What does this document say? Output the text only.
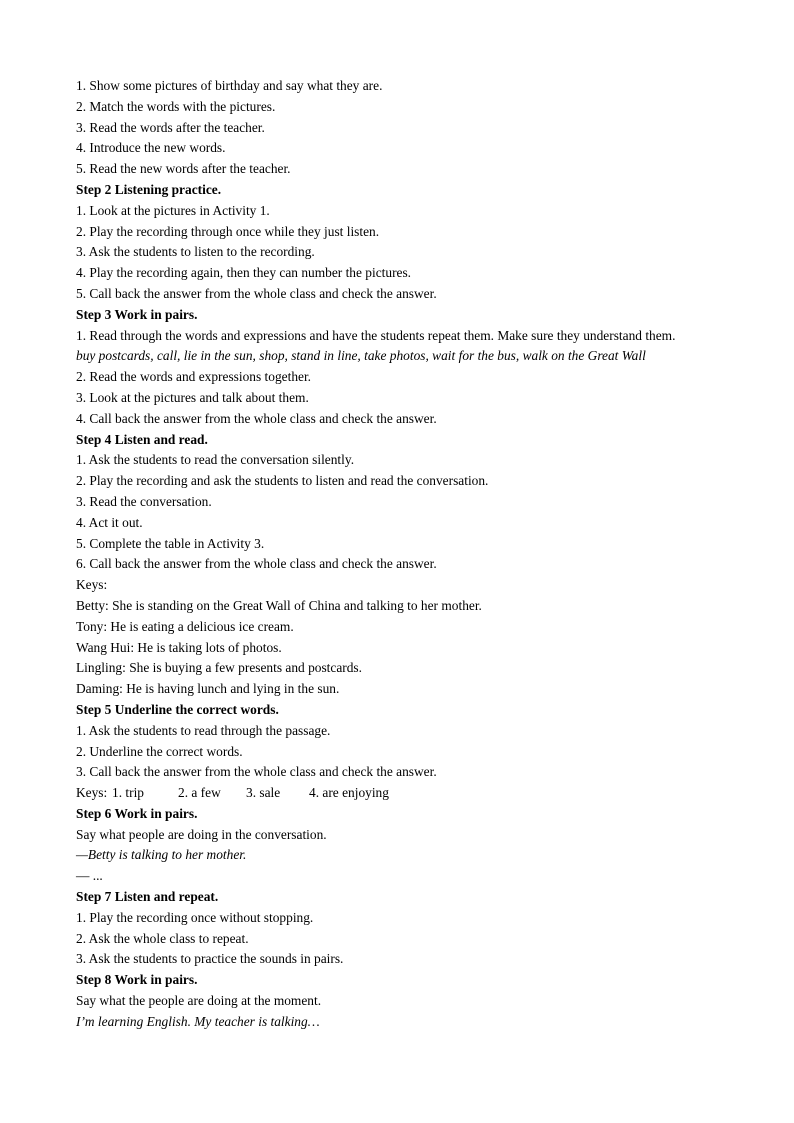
1. Show some pictures of birthday and say what they are.

2. Match the words with the pictures.

3. Read the words after the teacher.

4. Introduce the new words.

5. Read the new words after the teacher.

Step 2 Listening practice.

1. Look at the pictures in Activity 1.

2. Play the recording through once while they just listen.

3. Ask the students to listen to the recording.

4. Play the recording again, then they can number the pictures.

5. Call back the answer from the whole class and check the answer.

Step 3 Work in pairs.

1. Read through the words and expressions and have the students repeat them. Make sure they understand them.

buy postcards, call, lie in the sun, shop, stand in line, take photos, wait for the bus, walk on the Great Wall

2. Read the words and expressions together.

3. Look at the pictures and talk about them.

4. Call back the answer from the whole class and check the answer.

Step 4 Listen and read.

1. Ask the students to read the conversation silently.

2. Play the recording and ask the students to listen and read the conversation.

3. Read the conversation.

4. Act it out.

5. Complete the table in Activity 3.

6. Call back the answer from the whole class and check the answer.

Keys:

Betty: She is standing on the Great Wall of China and talking to her mother.

Tony: He is eating a delicious ice cream.

Wang Hui: He is taking lots of photos.

Lingling: She is buying a few presents and postcards.

Daming: He is having lunch and lying in the sun.

Step 5 Underline the correct words.

1. Ask the students to read through the passage.

2. Underline the correct words.

3. Call back the answer from the whole class and check the answer.

Keys: 1. trip	2. a few 3. sale 4. are enjoying

Step 6 Work in pairs.

Say what people are doing in the conversation.

—Betty is talking to her mother.

— ...

Step 7 Listen and repeat.

1. Play the recording once without stopping.

2. Ask the whole class to repeat.

3. Ask the students to practice the sounds in pairs.

Step 8 Work in pairs.

Say what the people are doing at the moment.

I’m learning English. My teacher is talking…
